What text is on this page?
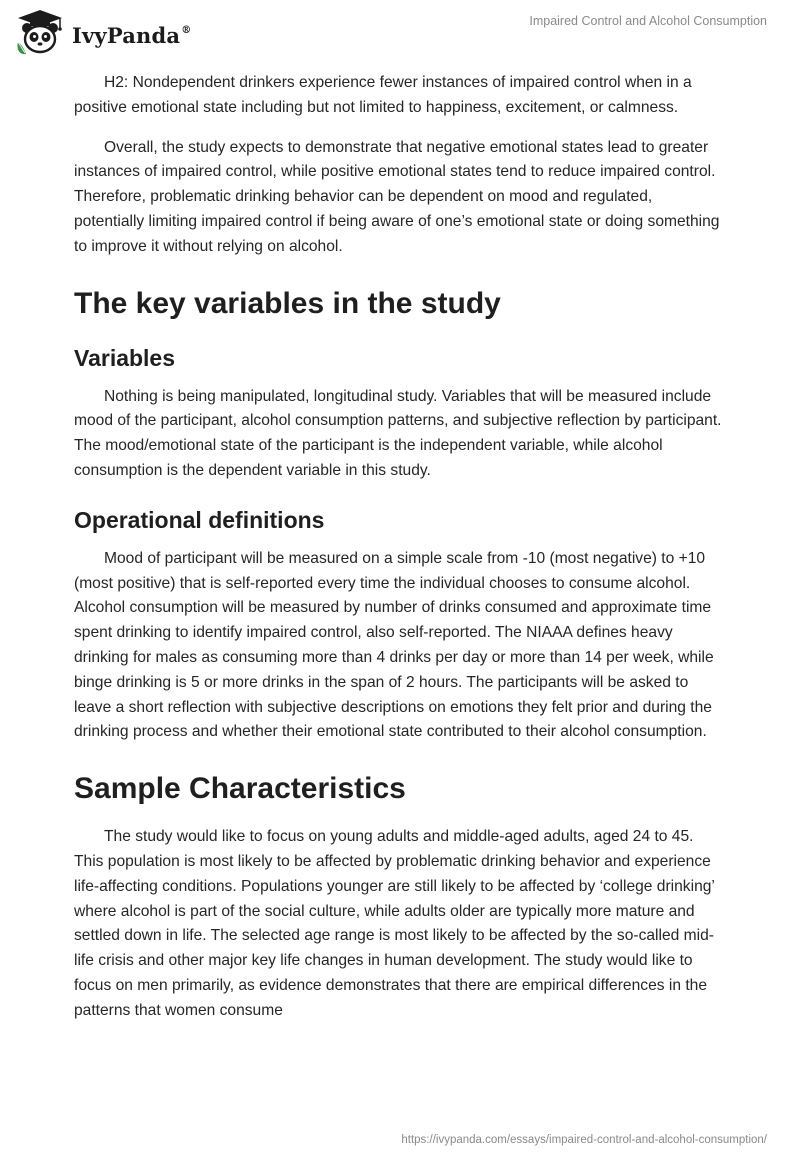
IvyPanda®
Impaired Control and Alcohol Consumption

H2: Nondependent drinkers experience fewer instances of impaired control when in a positive emotional state including but not limited to happiness, excitement, or calmness.

Overall, the study expects to demonstrate that negative emotional states lead to greater instances of impaired control, while positive emotional states tend to reduce impaired control. Therefore, problematic drinking behavior can be dependent on mood and regulated, potentially limiting impaired control if being aware of one’s emotional state or doing something to improve it without relying on alcohol.

The key variables in the study
Variables

Nothing is being manipulated, longitudinal study. Variables that will be measured include mood of the participant, alcohol consumption patterns, and subjective reflection by participant. The mood/emotional state of the participant is the independent variable, while alcohol consumption is the dependent variable in this study.

Operational definitions

Mood of participant will be measured on a simple scale from -10 (most negative) to +10 (most positive) that is self-reported every time the individual chooses to consume alcohol. Alcohol consumption will be measured by number of drinks consumed and approximate time spent drinking to identify impaired control, also self-reported. The NIAAA defines heavy drinking for males as consuming more than 4 drinks per day or more than 14 per week, while binge drinking is 5 or more drinks in the span of 2 hours. The participants will be asked to leave a short reflection with subjective descriptions on emotions they felt prior and during the drinking process and whether their emotional state contributed to their alcohol consumption.

Sample Characteristics

The study would like to focus on young adults and middle-aged adults, aged 24 to 45. This population is most likely to be affected by problematic drinking behavior and experience life-affecting conditions. Populations younger are still likely to be affected by ‘college drinking’ where alcohol is part of the social culture, while adults older are typically more mature and settled down in life. The selected age range is most likely to be affected by the so-called mid-life crisis and other major key life changes in human development. The study would like to focus on men primarily, as evidence demonstrates that there are empirical differences in the patterns that women consume

https://ivypanda.com/essays/impaired-control-and-alcohol-consumption/
